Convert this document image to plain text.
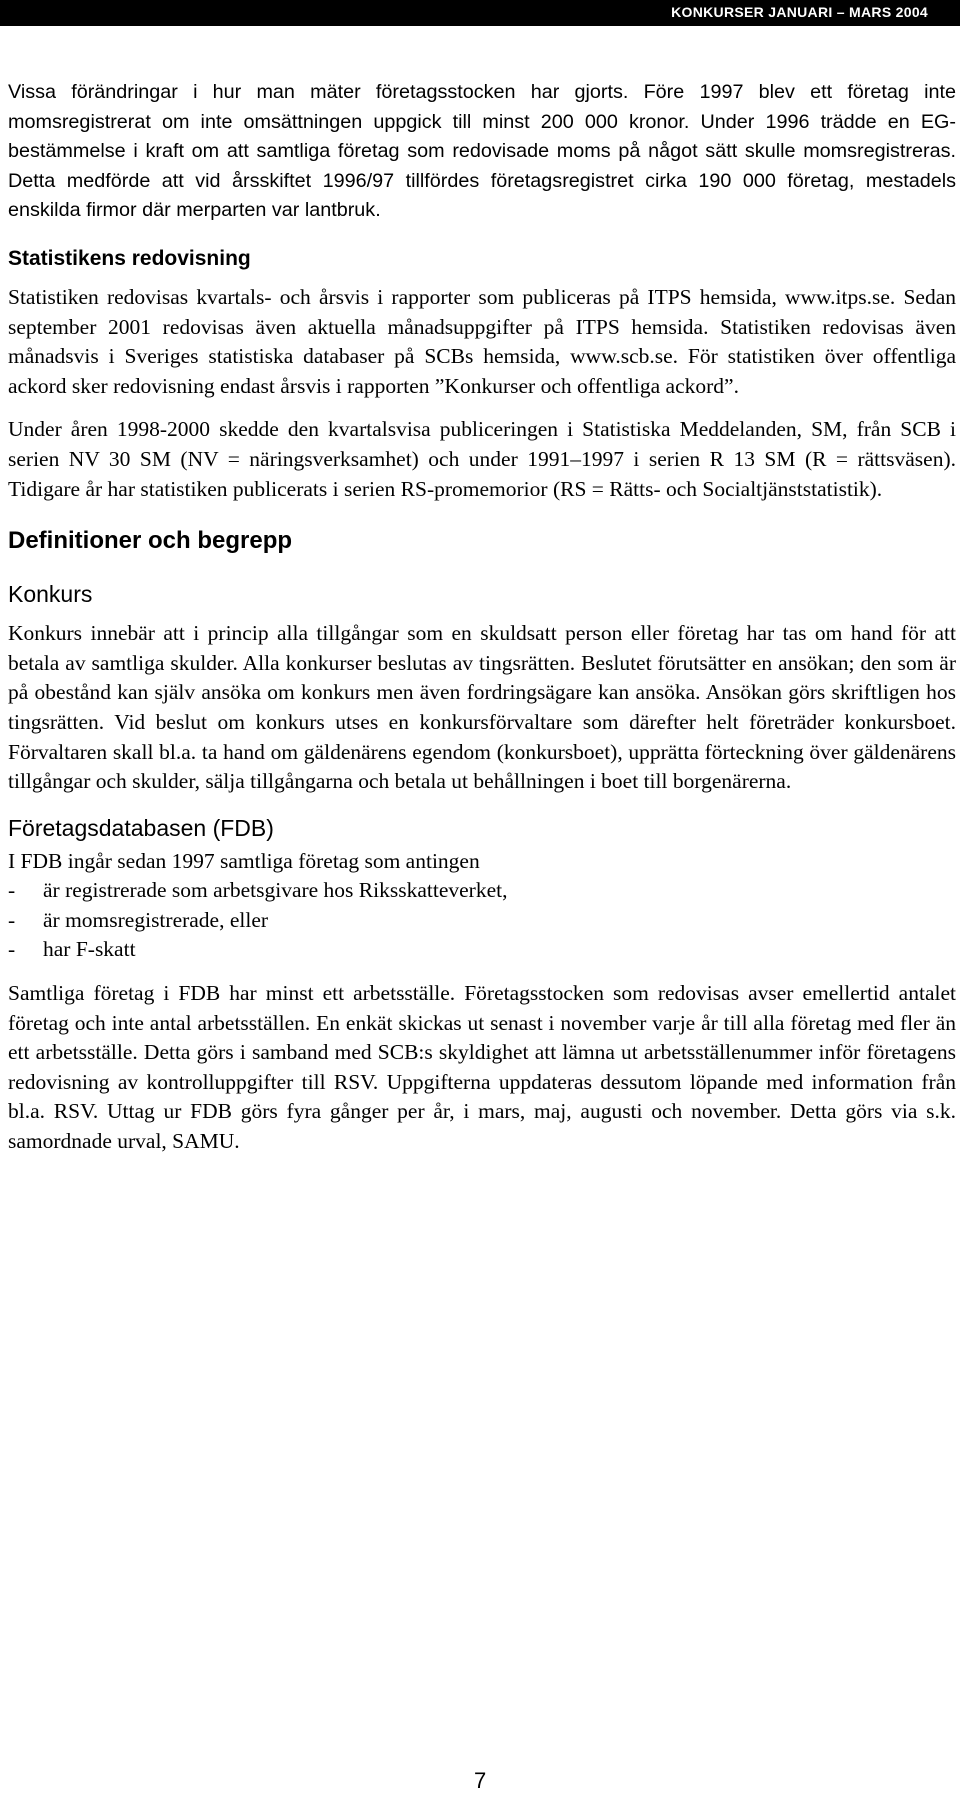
KONKURSER JANUARI – MARS 2004

Vissa förändringar i hur man mäter företagsstocken har gjorts. Före 1997 blev ett företag inte momsregistrerat om inte omsättningen uppgick till minst 200 000 kronor. Under 1996 trädde en EG-bestämmelse i kraft om att samtliga företag som redovisade moms på något sätt skulle momsregistreras. Detta medförde att vid årsskiftet 1996/97 tillfördes företagsregistret cirka 190 000 företag, mestadels enskilda firmor där merparten var lantbruk.

Statistikens redovisning

Statistiken redovisas kvartals- och årsvis i rapporter som publiceras på ITPS hemsida, www.itps.se. Sedan september 2001 redovisas även aktuella månadsuppgifter på ITPS hemsida. Statistiken redovisas även månadsvis i Sveriges statistiska databaser på SCBs hemsida, www.scb.se. För statistiken över offentliga ackord sker redovisning endast årsvis i rapporten ”Konkurser och offentliga ackord”.

Under åren 1998-2000 skedde den kvartalsvisa publiceringen i Statistiska Meddelanden, SM, från SCB i serien NV 30 SM (NV = näringsverksamhet) och under 1991–1997 i serien R 13 SM (R = rättsväsen). Tidigare år har statistiken publicerats i serien RS-promemorior (RS = Rätts- och Socialtjänststatistik).

Definitioner och begrepp
Konkurs

Konkurs innebär att i princip alla tillgångar som en skuldsatt person eller företag har tas om hand för att betala av samtliga skulder. Alla konkurser beslutas av tingsrätten. Beslutet förutsätter en ansökan; den som är på obestånd kan själv ansöka om konkurs men även fordringsägare kan ansöka. Ansökan görs skriftligen hos tingsrätten. Vid beslut om konkurs utses en konkursförvaltare som därefter helt företräder konkursboet. Förvaltaren skall bl.a. ta hand om gäldenärens egendom (konkursboet), upprätta förteckning över gäldenärens tillgångar och skulder, sälja tillgångarna och betala ut behållningen i boet till borgenärerna.

Företagsdatabasen (FDB)

I FDB ingår sedan 1997 samtliga företag som antingen

-	är registrerade som arbetsgivare hos Riksskatteverket,
-	är momsregistrerade, eller
-	har F-skatt

Samtliga företag i FDB har minst ett arbetsställe. Företagsstocken som redovisas avser emellertid antalet företag och inte antal arbetsställen. En enkät skickas ut senast i november varje år till alla företag med fler än ett arbetsställe. Detta görs i samband med SCB:s skyldighet att lämna ut arbetsställenummer inför företagens redovisning av kontrolluppgifter till RSV. Uppgifterna uppdateras dessutom löpande med information från bl.a. RSV. Uttag ur FDB görs fyra gånger per år, i mars, maj, augusti och november. Detta görs via s.k. samordnade urval, SAMU.

7
